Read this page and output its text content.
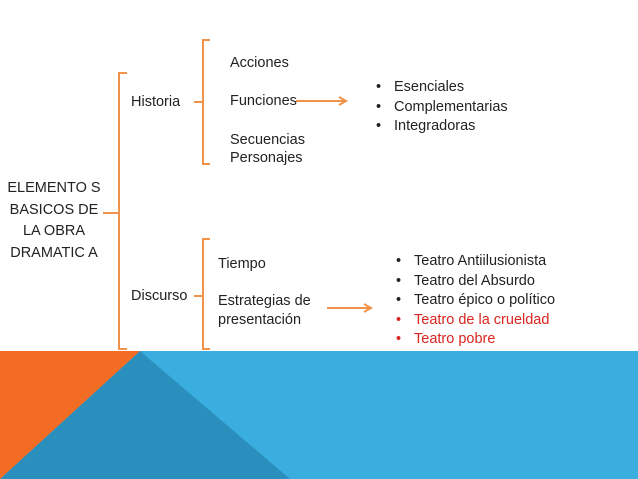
ELEMENTO S BASICOS DE LA OBRA DRAMATIC A
Historia
Acciones
Funciones
Secuencias
Personajes
• Esenciales
• Complementarias
• Integradoras
Discurso
Tiempo
Estrategias de
presentación
• Teatro Antiilusionista
• Teatro del Absurdo
• Teatro épico o político
• Teatro de la crueldad
• Teatro pobre
